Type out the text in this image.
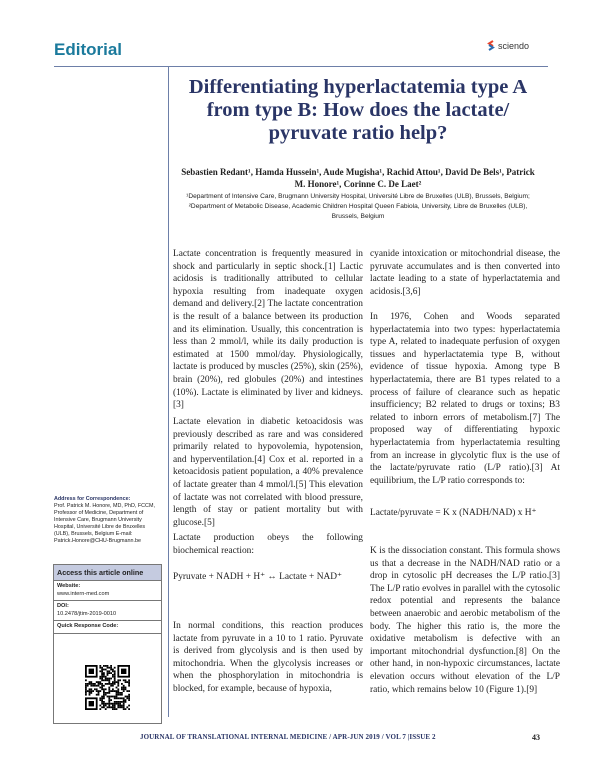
Editorial	sciendo
Differentiating hyperlactatemia type A from type B: How does the lactate/ pyruvate ratio help?
Sebastien Redant¹, Hamda Hussein¹, Aude Mugisha¹, Rachid Attou¹, David De Bels¹, Patrick M. Honore¹, Corinne C. De Laet²
¹Department of Intensive Care, Brugmann University Hospital, Université Libre de Bruxelles (ULB), Brussels, Belgium;
²Department of Metabolic Disease, Academic Children Hospital Queen Fabiola, University, Libre de Bruxelles (ULB), Brussels, Belgium

Lactate concentration is frequently measured in shock and particularly in septic shock.[1] Lactic acidosis is traditionally attributed to cellular hypoxia resulting from inadequate oxygen demand and delivery.[2] The lactate concentration is the result of a balance between its production and its elimination. Usually, this concentration is less than 2 mmol/l, while its daily production is estimated at 1500 mmol/day. Physiologically, lactate is produced by muscles (25%), skin (25%), brain (20%), red globules (20%) and intestines (10%). Lactate is eliminated by liver and kidneys.[3]

Lactate elevation in diabetic ketoacidosis was previously described as rare and was considered primarily related to hypovolemia, hypotension, and hyperventilation.[4] Cox et al. reported in a ketoacidosis patient population, a 40% prevalence of lactate greater than 4 mmol/l.[5] This elevation of lactate was not correlated with blood pressure, length of stay or patient mortality but with glucose.[5]

Lactate production obeys the following biochemical reaction:

Pyruvate + NADH + H⁺ ↔ Lactate + NAD⁺

In normal conditions, this reaction produces lactate from pyruvate in a 10 to 1 ratio. Pyruvate is derived from glycolysis and is then used by mitochondria. When the glycolysis increases or when the phosphorylation in mitochondria is blocked, for example, because of hypoxia,

cyanide intoxication or mitochondrial disease, the pyruvate accumulates and is then converted into lactate leading to a state of hyperlactatemia and acidosis.[3,6]

In 1976, Cohen and Woods separated hyperlactatemia into two types: hyperlactatemia type A, related to inadequate perfusion of oxygen tissues and hyperlactatemia type B, without evidence of tissue hypoxia. Among type B hyperlactatemia, there are B1 types related to a process of failure of clearance such as hepatic insufficiency; B2 related to drugs or toxins; B3 related to inborn errors of metabolism.[7] The proposed way of differentiating hypoxic hyperlactatemia from hyperlactatemia resulting from an increase in glycolytic flux is the use of the lactate/pyruvate ratio (L/P ratio).[3] At equilibrium, the L/P ratio corresponds to:

Lactate/pyruvate = K x (NADH/NAD) x H⁺

K is the dissociation constant. This formula shows us that a decrease in the NADH/NAD ratio or a drop in cytosolic pH decreases the L/P ratio.[3] The L/P ratio evolves in parallel with the cytosolic redox potential and represents the balance between anaerobic and aerobic metabolism of the body. The higher this ratio is, the more the oxidative metabolism is defective with an important mitochondrial dysfunction.[8] On the other hand, in non-hypoxic circumstances, lactate elevation occurs without elevation of the L/P ratio, which remains below 10 (Figure 1).[9]

Address for Correspondence:
Prof. Patrick M. Honore, MD, PhD, FCCM, Professor of Medicine, Department of Intensive Care, Brugmann University Hospital, Université Libre de Bruxelles (ULB), Brussels, Belgium E-mail: Patrick.Honore@CHU-Brugmann.be
Access this article online
Website:
www.intern-med.com
DOI:
10.2478/jtim-2019-0010
Quick Response Code:
JOURNAL OF TRANSLATIONAL INTERNAL MEDICINE / APR-JUN 2019 / VOL 7 |ISSUE 2	43
